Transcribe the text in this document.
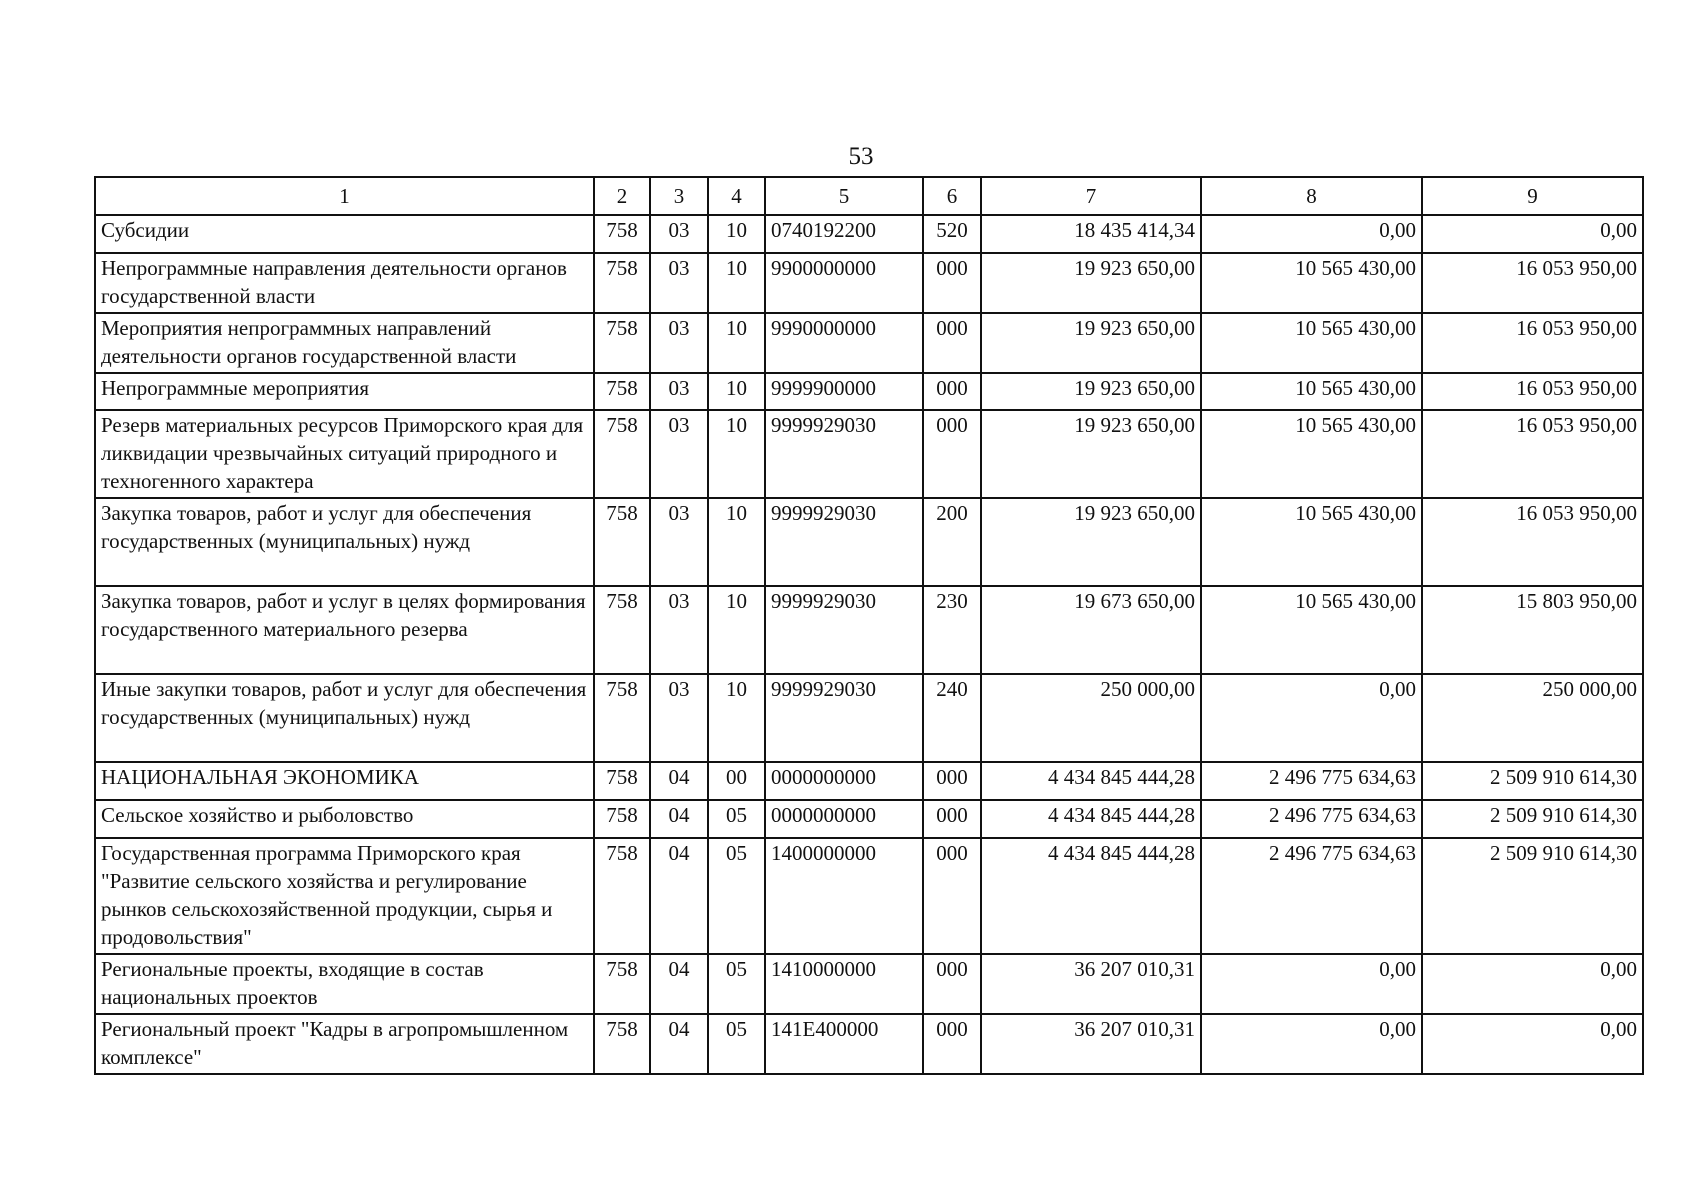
53
1	2	3	4	5	6	7	8	9
Субсидии	758	03	10	0740192200	520	18 435 414,34	0,00	0,00
Непрограммные направления деятельности органов государственной власти	758	03	10	9900000000	000	19 923 650,00	10 565 430,00	16 053 950,00
Мероприятия непрограммных направлений деятельности органов государственной власти	758	03	10	9990000000	000	19 923 650,00	10 565 430,00	16 053 950,00
Непрограммные мероприятия	758	03	10	9999900000	000	19 923 650,00	10 565 430,00	16 053 950,00
Резерв материальных ресурсов Приморского края для ликвидации чрезвычайных ситуаций природного и техногенного характера	758	03	10	9999929030	000	19 923 650,00	10 565 430,00	16 053 950,00
Закупка товаров, работ и услуг для обеспечения государственных (муниципальных) нужд	758	03	10	9999929030	200	19 923 650,00	10 565 430,00	16 053 950,00
Закупка товаров, работ и услуг в целях формирования государственного материального резерва	758	03	10	9999929030	230	19 673 650,00	10 565 430,00	15 803 950,00
Иные закупки товаров, работ и услуг для обеспечения государственных (муниципальных) нужд	758	03	10	9999929030	240	250 000,00	0,00	250 000,00
НАЦИОНАЛЬНАЯ ЭКОНОМИКА	758	04	00	0000000000	000	4 434 845 444,28	2 496 775 634,63	2 509 910 614,30
Сельское хозяйство и рыболовство	758	04	05	0000000000	000	4 434 845 444,28	2 496 775 634,63	2 509 910 614,30
Государственная программа Приморского края "Развитие сельского хозяйства и регулирование рынков сельскохозяйственной продукции, сырья и продовольствия"	758	04	05	1400000000	000	4 434 845 444,28	2 496 775 634,63	2 509 910 614,30
Региональные проекты, входящие в состав национальных проектов	758	04	05	1410000000	000	36 207 010,31	0,00	0,00
Региональный проект "Кадры в агропромышленном комплексе"	758	04	05	141E400000	000	36 207 010,31	0,00	0,00
